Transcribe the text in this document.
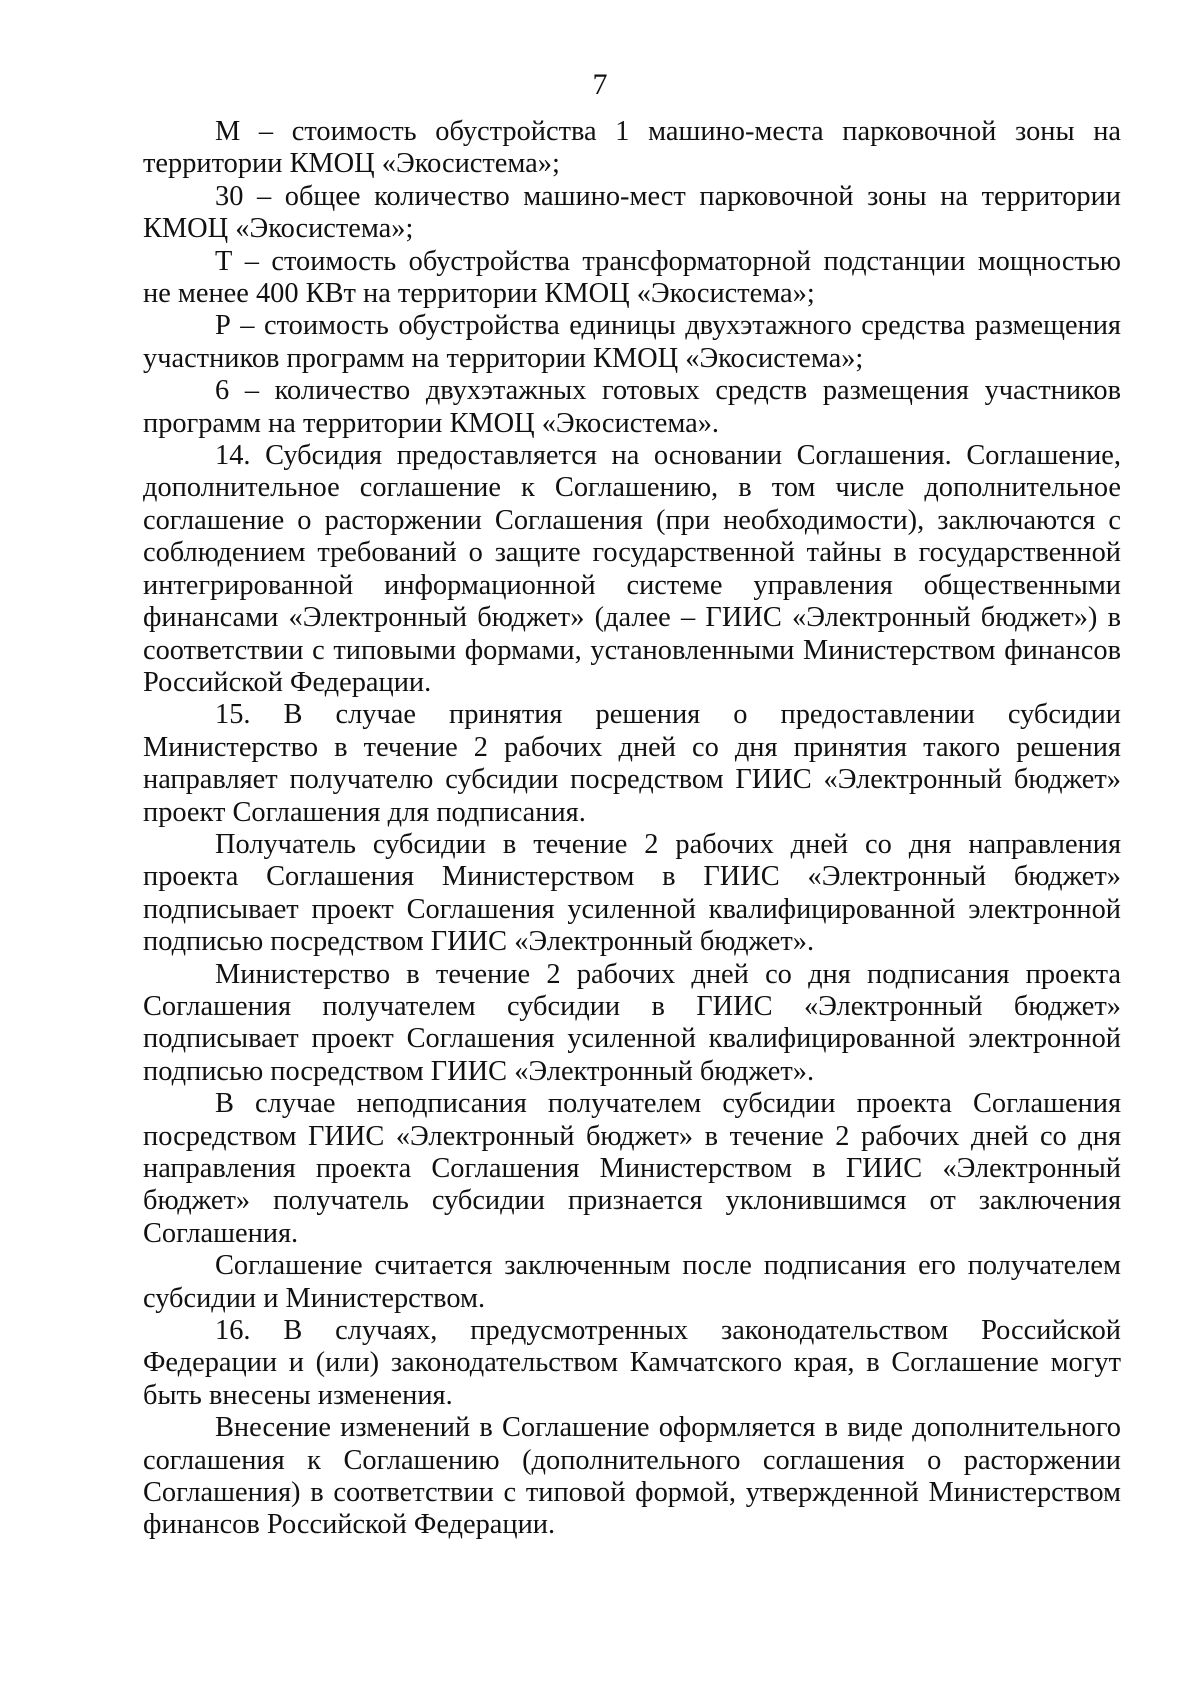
7

М – стоимость обустройства 1 машино-места парковочной зоны на территории КМОЦ «Экосистема»;

30 – общее количество машино-мест парковочной зоны на территории КМОЦ «Экосистема»;

Т – стоимость обустройства трансформаторной подстанции мощностью не менее 400 КВт на территории КМОЦ «Экосистема»;

Р – стоимость обустройства единицы двухэтажного средства размещения участников программ на территории КМОЦ «Экосистема»;

6 – количество двухэтажных готовых средств размещения участников программ на территории КМОЦ «Экосистема».

14. Субсидия предоставляется на основании Соглашения. Соглашение, дополнительное соглашение к Соглашению, в том числе дополнительное соглашение о расторжении Соглашения (при необходимости), заключаются с соблюдением требований о защите государственной тайны в государственной интегрированной информационной системе управления общественными финансами «Электронный бюджет» (далее – ГИИС «Электронный бюджет») в соответствии с типовыми формами, установленными Министерством финансов Российской Федерации.

15. В случае принятия решения о предоставлении субсидии Министерство в течение 2 рабочих дней со дня принятия такого решения направляет получателю субсидии посредством ГИИС «Электронный бюджет» проект Соглашения для подписания.

Получатель субсидии в течение 2 рабочих дней со дня направления проекта Соглашения Министерством в ГИИС «Электронный бюджет» подписывает проект Соглашения усиленной квалифицированной электронной подписью посредством ГИИС «Электронный бюджет».

Министерство в течение 2 рабочих дней со дня подписания проекта Соглашения получателем субсидии в ГИИС «Электронный бюджет» подписывает проект Соглашения усиленной квалифицированной электронной подписью посредством ГИИС «Электронный бюджет».

В случае неподписания получателем субсидии проекта Соглашения посредством ГИИС «Электронный бюджет» в течение 2 рабочих дней со дня направления проекта Соглашения Министерством в ГИИС «Электронный бюджет» получатель субсидии признается уклонившимся от заключения Соглашения.

Соглашение считается заключенным после подписания его получателем субсидии и Министерством.

16. В случаях, предусмотренных законодательством Российской Федерации и (или) законодательством Камчатского края, в Соглашение могут быть внесены изменения.

Внесение изменений в Соглашение оформляется в виде дополнительного соглашения к Соглашению (дополнительного соглашения о расторжении Соглашения) в соответствии с типовой формой, утвержденной Министерством финансов Российской Федерации.
